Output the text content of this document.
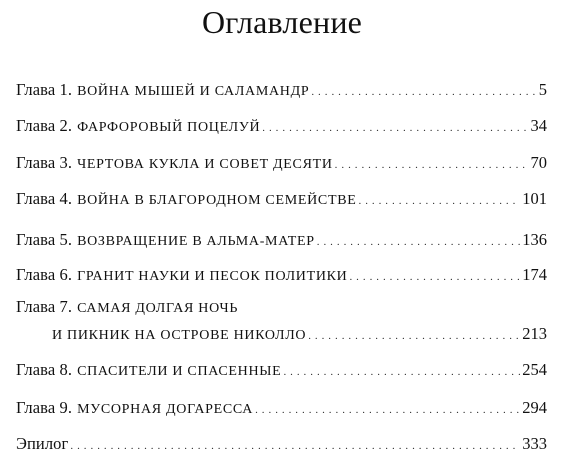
Оглавление
Глава 1. ВОЙНА МЫШЕЙ И САЛАМАНДР . . .	5
Глава 2. ФАРФОРОВЫЙ ПОЦЕЛУЙ . . .	34
Глава 3. ЧЕРТОВА КУКЛА И СОВЕТ ДЕСЯТИ . . .	70
Глава 4. ВОЙНА В БЛАГОРОДНОМ СЕМЕЙСТВЕ . . .	101
Глава 5. ВОЗВРАЩЕНИЕ В АЛЬМА-МАТЕР . . .	136
Глава 6. ГРАНИТ НАУКИ И ПЕСОК ПОЛИТИКИ . . .	174
Глава 7. САМАЯ ДОЛГАЯ НОЧЬ
И ПИКНИК НА ОСТРОВЕ НИКОЛЛО . . .	213
Глава 8. СПАСИТЕЛИ И СПАСЕННЫЕ . . .	254
Глава 9. МУСОРНАЯ ДОГАРЕССА . . .	294
Эпилог . . .	333
